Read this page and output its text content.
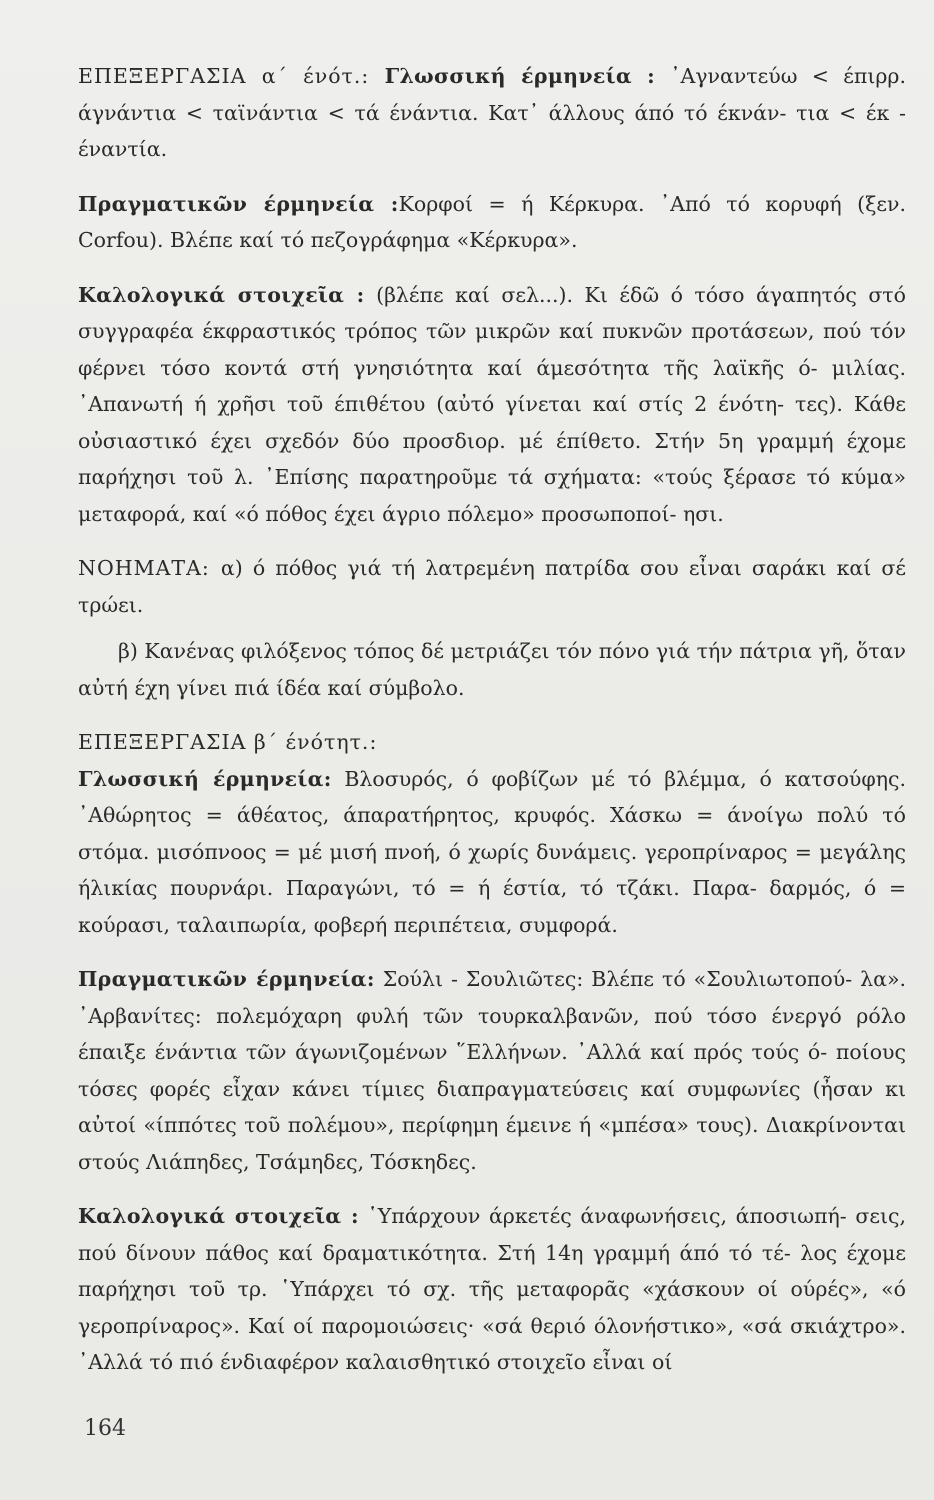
ΕΠΕΞΕΡΓΑΣΙΑ α΄ ένότ.: Γλωσσική έρμηνεία : ᾿Αγναντεύω < έπιρρ. άγνάντια < ταϊνάντια < τά ένάντια. Κατ᾿ άλλους άπό τό έκνάν- τια < έκ - έναντία.

Πραγματικῶν έρμηνεία :Κορφοί = ή Κέρκυρα. ᾿Από τό κορυφή (ξεν. Corfou). Βλέπε καί τό πεζογράφημα «Κέρκυρα».

Καλολογικά στοιχεῖα : (βλέπε καί σελ...). Κι έδῶ ό τόσο άγαπητός στό συγγραφέα έκφραστικός τρόπος τῶν μικρῶν καί πυκνῶν προτάσεων, πού τόν φέρνει τόσο κοντά στή γνησιότητα καί άμεσότητα τῆς λαϊκῆς ό- μιλίας. ᾿Απανωτή ή χρῆσι τοῦ έπιθέτου (αὐτό γίνεται καί στίς 2 ένότη- τες). Κάθε οὐσιαστικό έχει σχεδόν δύο προσδιορ. μέ έπίθετο. Στήν 5η γραμμή έχομε παρήχησι τοῦ λ. ᾿Επίσης παρατηροῦμε τά σχήματα: «τούς ξέρασε τό κύμα» μεταφορά, καί «ό πόθος έχει άγριο πόλεμο» προσωποποί- ησι.

ΝΟΗΜΑΤΑ: α) ό πόθος γιά τή λατρεμένη πατρίδα σου εἶναι σαράκι καί σέ τρώει.

β) Κανένας φιλόξενος τόπος δέ μετριάζει τόν πόνο γιά τήν πάτρια γῆ, ὅταν αὐτή έχη γίνει πιά ίδέα καί σύμβολο.

ΕΠΕΞΕΡΓΑΣΙΑ β΄ ένότητ.:

Γλωσσική έρμηνεία: Βλοσυρός, ό φοβίζων μέ τό βλέμμα, ό κατσούφης. ᾿Αθώρητος = άθέατος, άπαρατήρητος, κρυφός. Χάσκω = άνοίγω πολύ τό στόμα. μισόπνοος = μέ μισή πνοή, ό χωρίς δυνάμεις. γεροπρίναρος = μεγάλης ήλικίας πουρνάρι. Παραγώνι, τό = ή έστία, τό τζάκι. Παρα- δαρμός, ό = κούρασι, ταλαιπωρία, φοβερή περιπέτεια, συμφορά.

Πραγματικῶν έρμηνεία: Σούλι - Σουλιῶτες: Βλέπε τό «Σουλιωτοπού- λα». ᾿Αρβανίτες: πολεμόχαρη φυλή τῶν τουρκαλβανῶν, πού τόσο ένεργό ρόλο έπαιξε ένάντια τῶν άγωνιζομένων ῞Ελλήνων. ᾿Αλλά καί πρός τούς ό- ποίους τόσες φορές εἶχαν κάνει τίμιες διαπραγματεύσεις καί συμφωνίες (ἦσαν κι αὐτοί «ίππότες τοῦ πολέμου», περίφημη έμεινε ή «μπέσα» τους). Διακρίνονται στούς Λιάπηδες, Τσάμηδες, Τόσκηδες.

Καλολογικά στοιχεῖα : ῾Υπάρχουν άρκετές άναφωνήσεις, άποσιωπή- σεις, πού δίνουν πάθος καί δραματικότητα. Στή 14η γραμμή άπό τό τέ- λος έχομε παρήχησι τοῦ τρ. ῾Υπάρχει τό σχ. τῆς μεταφορᾶς «χάσκουν οί ούρές», «ό γεροπρίναρος». Καί οί παρομοιώσεις· «σά θεριό όλονήστικο», «σά σκιάχτρο». ᾿Αλλά τό πιό ένδιαφέρον καλαισθητικό στοιχεῖο εἶναι οί

164
